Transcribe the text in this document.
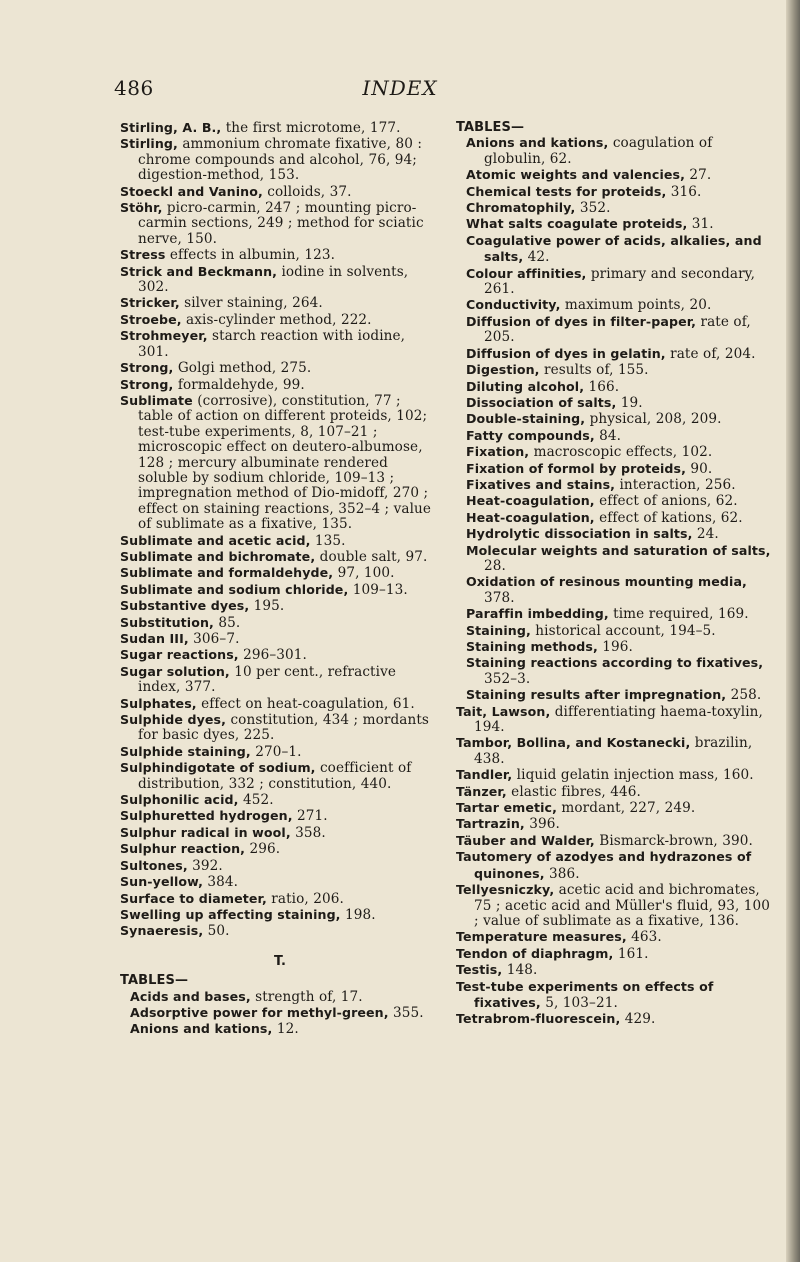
486	INDEX

Stirling, A. B., the first microtome, 177.

Stirling, ammonium chromate fixative, 80 : chrome compounds and alcohol, 76, 94; digestion-method, 153.

Stoeckl and Vanino, colloids, 37.

Stöhr, picro-carmin, 247 ; mounting picro-carmin sections, 249 ; method for sciatic nerve, 150.

Stress effects in albumin, 123.

Strick and Beckmann, iodine in solvents, 302.

Stricker, silver staining, 264.

Stroebe, axis-cylinder method, 222.

Strohmeyer, starch reaction with iodine, 301.

Strong, Golgi method, 275.

Strong, formaldehyde, 99.

Sublimate (corrosive), constitution, 77 ; table of action on different proteids, 102; test-tube experiments, 8, 107–21 ; microscopic effect on deutero-albumose, 128 ; mercury albuminate rendered soluble by sodium chloride, 109–13 ; impregnation method of Dio-midoff, 270 ; effect on staining reactions, 352–4 ; value of sublimate as a fixative, 135.

Sublimate and acetic acid, 135.

Sublimate and bichromate, double salt, 97.

Sublimate and formaldehyde, 97, 100.

Sublimate and sodium chloride, 109–13.

Substantive dyes, 195.

Substitution, 85.

Sudan III, 306–7.

Sugar reactions, 296–301.

Sugar solution, 10 per cent., refractive index, 377.

Sulphates, effect on heat-coagulation, 61.

Sulphide dyes, constitution, 434 ; mordants for basic dyes, 225.

Sulphide staining, 270–1.

Sulphindigotate of sodium, coefficient of distribution, 332 ; constitution, 440.

Sulphonilic acid, 452.

Sulphuretted hydrogen, 271.

Sulphur radical in wool, 358.

Sulphur reaction, 296.

Sultones, 392.

Sun-yellow, 384.

Surface to diameter, ratio, 206.

Swelling up affecting staining, 198.

Synaeresis, 50.

T.
TABLES—

Acids and bases, strength of, 17.

Adsorptive power for methyl-green, 355.

Anions and kations, 12.

TABLES—

Anions and kations, coagulation of globulin, 62.

Atomic weights and valencies, 27.

Chemical tests for proteids, 316.

Chromatophily, 352.

What salts coagulate proteids, 31.

Coagulative power of acids, alkalies, and salts, 42.

Colour affinities, primary and secondary, 261.

Conductivity, maximum points, 20.

Diffusion of dyes in filter-paper, rate of, 205.

Diffusion of dyes in gelatin, rate of, 204.

Digestion, results of, 155.

Diluting alcohol, 166.

Dissociation of salts, 19.

Double-staining, physical, 208, 209.

Fatty compounds, 84.

Fixation, macroscopic effects, 102.

Fixation of formol by proteids, 90.

Fixatives and stains, interaction, 256.

Heat-coagulation, effect of anions, 62.

Heat-coagulation, effect of kations, 62.

Hydrolytic dissociation in salts, 24.

Molecular weights and saturation of salts, 28.

Oxidation of resinous mounting media, 378.

Paraffin imbedding, time required, 169.

Staining, historical account, 194–5.

Staining methods, 196.

Staining reactions according to fixatives, 352–3.

Staining results after impregnation, 258.

Tait, Lawson, differentiating haema-toxylin, 194.

Tambor, Bollina, and Kostanecki, brazilin, 438.

Tandler, liquid gelatin injection mass, 160.

Tänzer, elastic fibres, 446.

Tartar emetic, mordant, 227, 249.

Tartrazin, 396.

Täuber and Walder, Bismarck-brown, 390.

Tautomery of azodyes and hydrazones of quinones, 386.

Tellyesniczky, acetic acid and bichromates, 75 ; acetic acid and Müller's fluid, 93, 100 ; value of sublimate as a fixative, 136.

Temperature measures, 463.

Tendon of diaphragm, 161.

Testis, 148.

Test-tube experiments on effects of fixatives, 5, 103–21.

Tetrabrom-fluorescein, 429.
